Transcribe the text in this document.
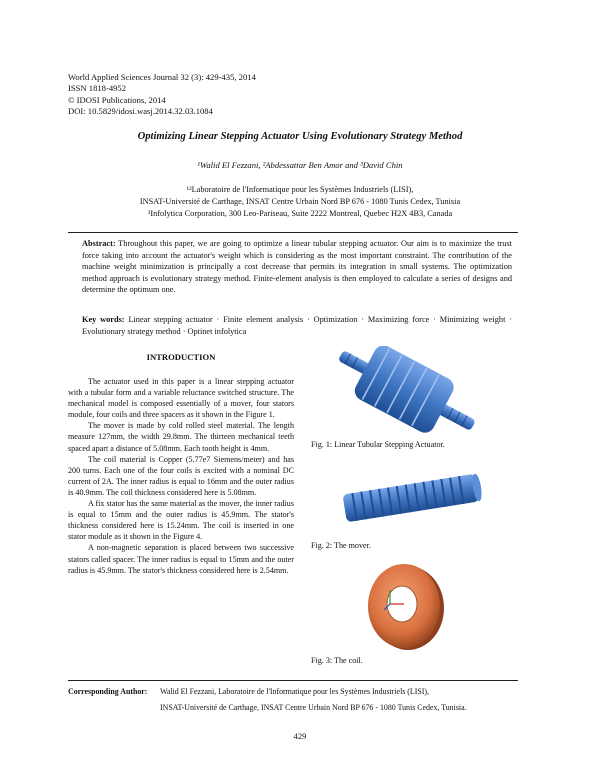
World Applied Sciences Journal 32 (3): 429-435, 2014
ISSN 1818-4952
© IDOSI Publications, 2014
DOI: 10.5829/idosi.wasj.2014.32.03.1084
Optimizing Linear Stepping Actuator Using Evolutionary Strategy Method
¹Walid El Fezzani, ²Abdessattar Ben Amor and ³David Chin
¹²Laboratoire de l'Informatique pour les Systèmes Industriels (LISI),
INSAT-Université de Carthage, INSAT Centre Urbain Nord BP 676 - 1080 Tunis Cedex, Tunisia
³Infolytica Corporation, 300 Leo-Pariseau, Suite 2222 Montreal, Quebec H2X 4B3, Canada
Abstract: Throughout this paper, we are going to optimize a linear tubular stepping actuator. Our aim is to maximize the trust force taking into account the actuator's weight which is considering as the most important constraint. The contribution of the machine weight minimization is principally a cost decrease that permits its integration in small systems. The optimization method approach is evolutionary strategy method. Finite-element analysis is then employed to calculate a series of designs and determine the optimum one.
Key words: Linear stepping actuator · Finite element analysis · Optimization · Maximizing force · Minimizing weight · Evolutionary strategy method · Optinet infolytica
INTRODUCTION

The actuator used in this paper is a linear stepping actuator with a tubular form and a variable reluctance switched structure. The mechanical model is composed essentially of a mover, four stators module, four coils and three spacers as it shown in the Figure 1.

The mover is made by cold rolled steel material. The length measure 127mm, the width 29.8mm. The thirteen mechanical teeth spaced apart a distance of 5.08mm. Each tooth height is 4mm.

The coil material is Copper (5.77e7 Siemens/meter) and has 200 turns. Each one of the four coils is excited with a nominal DC current of 2A. The inner radius is equal to 16mm and the outer radius is 40.9mm. The coil thickness considered here is 5.08mm.

A fix stator has the same material as the mover, the inner radius is equal to 15mm and the outer radius is 45.9mm. The stator's thickness considered here is 15.24mm. The coil is inserted in one stator module as it shown in the Figure 4.

A non-magnetic separation is placed between two successive stators called spacer. The inner radius is equal to 15mm and the outer radius is 45.9mm. The stator's thickness considered here is 2.54mm.

Fig. 1: Linear Tubular Stepping Actuator.
Fig. 2: The mover.
Fig. 3: The coil.
Corresponding Author: Walid El Fezzani, Laboratoire de l'Informatique pour les Systèmes Industriels (LISI),
INSAT-Université de Carthage, INSAT Centre Urbain Nord BP 676 - 1080 Tunis Cedex, Tunisia.
429
